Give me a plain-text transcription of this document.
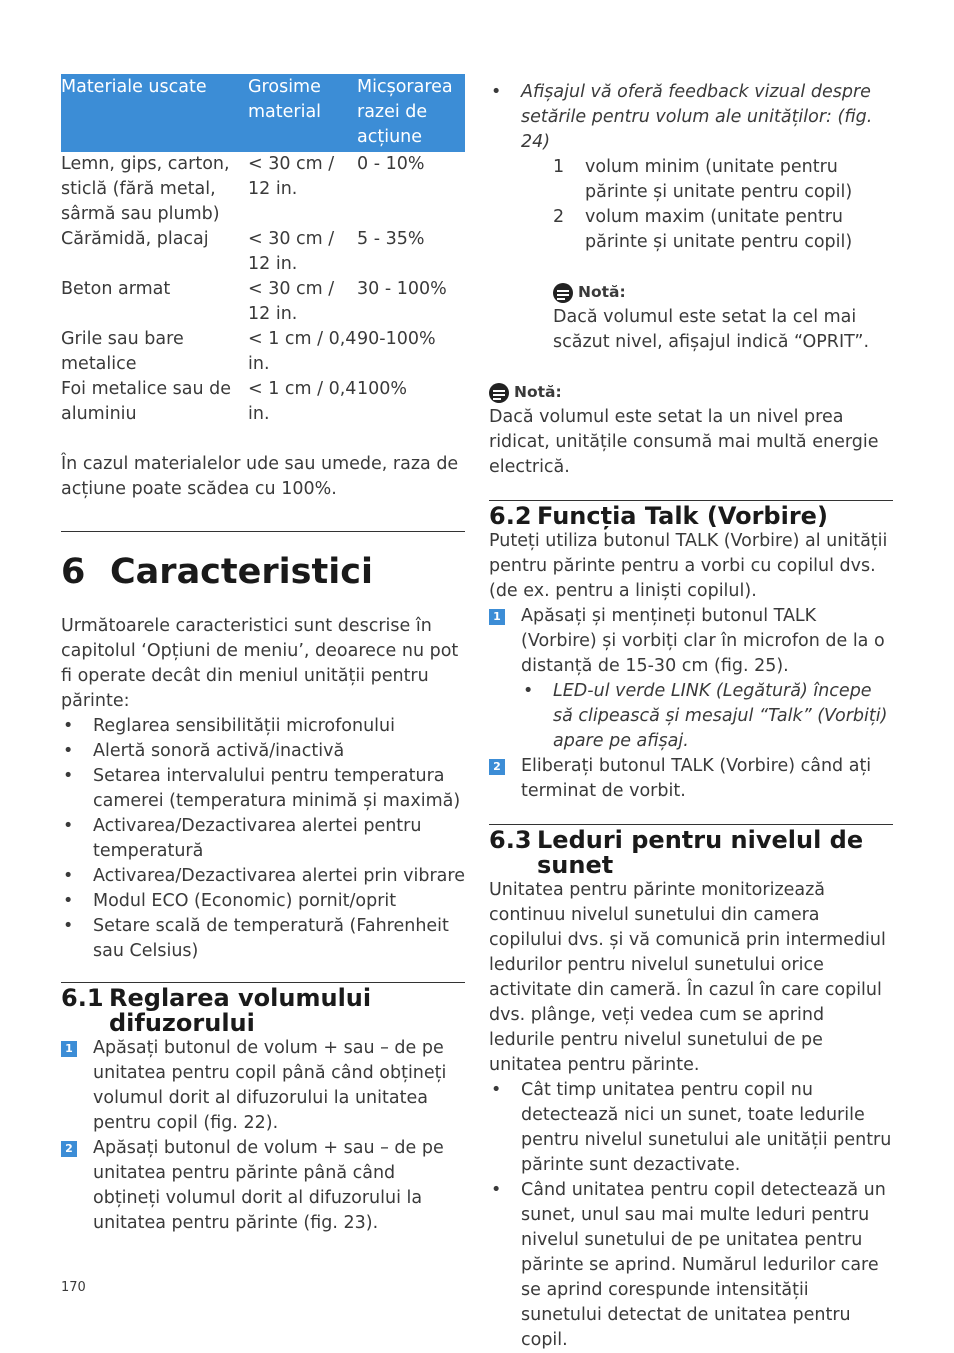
Materiale uscate	Grosime material	Micșorarea razei de acțiune
Lemn, gips, carton, sticlă (fără metal, sârmă sau plumb)	< 30 cm / 12 in.	0 - 10%
Cărămidă, placaj	< 30 cm / 12 in.	5 - 35%
Beton armat	< 30 cm / 12 in.	30 - 100%
Grile sau bare metalice	< 1 cm / 0,4 in.	90-100%
Foi metalice sau de aluminiu	< 1 cm / 0,4 in.	100%

În cazul materialelor ude sau umede, raza de acțiune poate scădea cu 100%.

6 Caracteristici

Următoarele caracteristici sunt descrise în capitolul ‘Opțiuni de meniu’, deoarece nu pot fi operate decât din meniul unității pentru părinte:

• Reglarea sensibilității microfonului
• Alertă sonoră activă/inactivă
• Setarea intervalului pentru temperatura camerei (temperatura minimă și maximă)
• Activarea/Dezactivarea alertei pentru temperatură
• Activarea/Dezactivarea alertei prin vibrare
• Modul ECO (Economic) pornit/oprit
• Setare scală de temperatură (Fahrenheit sau Celsius)
6.1 Reglarea volumului difuzorului
1 Apăsați butonul de volum + sau – de pe unitatea pentru copil până când obțineți volumul dorit al difuzorului la unitatea pentru copil (fig. 22).
2 Apăsați butonul de volum + sau – de pe unitatea pentru părinte până când obțineți volumul dorit al difuzorului la unitatea pentru părinte (fig. 23).
• Afișajul vă oferă feedback vizual despre setările pentru volum ale unităților: (fig. 24)
1	volum minim (unitate pentru părinte și unitate pentru copil)
2	volum maxim (unitate pentru părinte și unitate pentru copil)
Notă:

Dacă volumul este setat la cel mai scăzut nivel, afișajul indică “OPRIT”.

Notă:

Dacă volumul este setat la un nivel prea ridicat, unitățile consumă mai multă energie electrică.

6.2 Funcția Talk (Vorbire)

Puteți utiliza butonul TALK (Vorbire) al unității pentru părinte pentru a vorbi cu copilul dvs. (de ex. pentru a liniști copilul).

1 Apăsați și mențineți butonul TALK (Vorbire) și vorbiți clar în microfon de la o distanță de 15-30 cm (fig. 25).
• LED-ul verde LINK (Legătură) începe să clipească și mesajul “Talk” (Vorbiți) apare pe afișaj.
2 Eliberați butonul TALK (Vorbire) când ați terminat de vorbit.
6.3 Leduri pentru nivelul de sunet

Unitatea pentru părinte monitorizează continuu nivelul sunetului din camera copilului dvs. și vă comunică prin intermediul ledurilor pentru nivelul sunetului orice activitate din cameră. În cazul în care copilul dvs. plânge, veți vedea cum se aprind ledurile pentru nivelul sunetului de pe unitatea pentru părinte.

• Cât timp unitatea pentru copil nu detectează nici un sunet, toate ledurile pentru nivelul sunetului ale unității pentru părinte sunt dezactivate.
• Când unitatea pentru copil detectează un sunet, unul sau mai multe leduri pentru nivelul sunetului de pe unitatea pentru părinte se aprind. Numărul ledurilor care se aprind corespunde intensității sunetului detectat de unitatea pentru copil.
170
